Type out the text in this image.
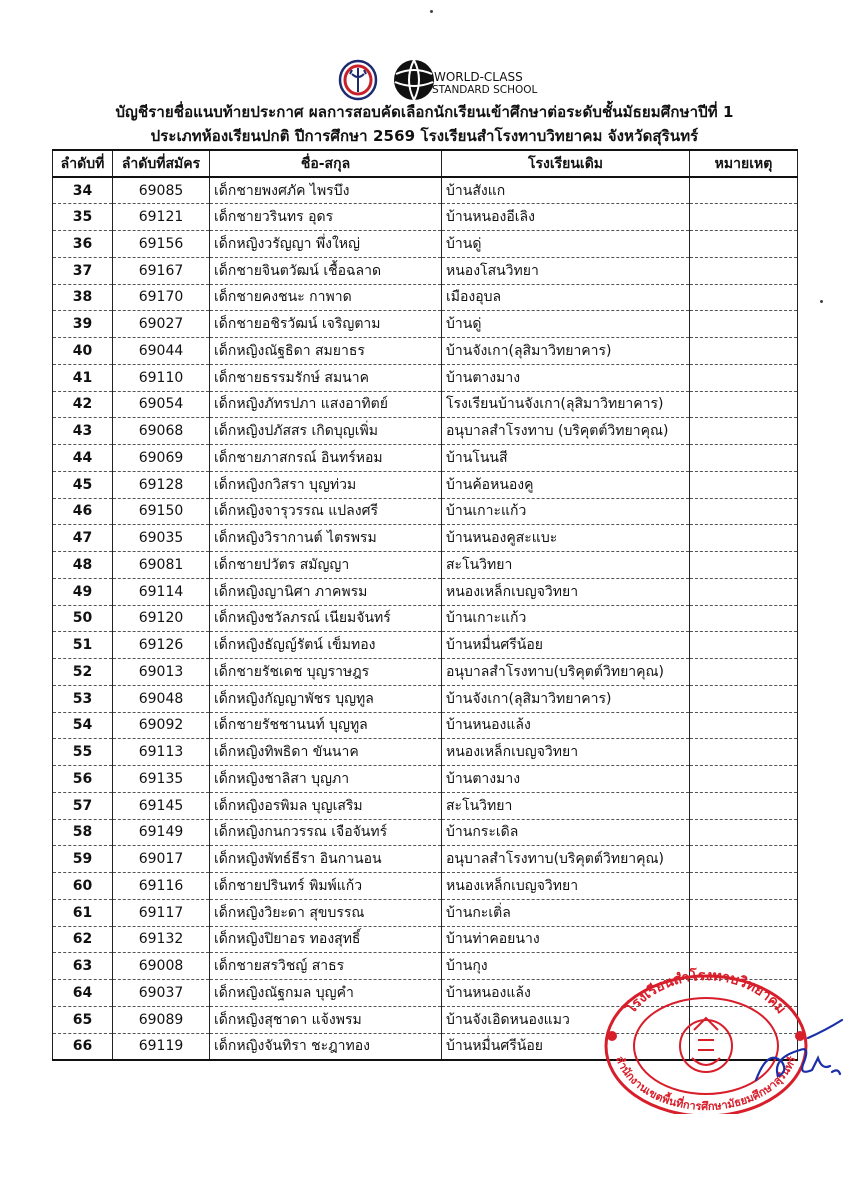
WORLD-CLASS
STANDARD SCHOOL
บัญชีรายชื่อแนบท้ายประกาศ ผลการสอบคัดเลือกนักเรียนเข้าศึกษาต่อระดับชั้นมัธยมศึกษาปีที่ 1
ประเภทห้องเรียนปกติ ปีการศึกษา 2569 โรงเรียนสำโรงทาบวิทยาคม จังหวัดสุรินทร์
ลำดับที่	ลำดับที่สมัคร	ชื่อ-สกุล	โรงเรียนเดิม	หมายเหตุ
34	69085	เด็กชายพงศภัค ไพรบึง	บ้านสังแก	
35	69121	เด็กชายวรินทร อุดร	บ้านหนองอีเลิง	
36	69156	เด็กหญิงวรัญญา พึ่งใหญ่	บ้านดู่	
37	69167	เด็กชายจินตวัฒน์ เชื้อฉลาด	หนองโสนวิทยา	
38	69170	เด็กชายคงชนะ กาพาด	เมืองอุบล	
39	69027	เด็กชายอชิรวัฒน์ เจริญตาม	บ้านดู่	
40	69044	เด็กหญิงณัฐธิดา สมยาธร	บ้านจังเกา(ลุสิมาวิทยาคาร)	
41	69110	เด็กชายธรรมรักษ์ สมนาค	บ้านตางมาง	
42	69054	เด็กหญิงภัทรปภา แสงอาทิตย์	โรงเรียนบ้านจังเกา(ลุสิมาวิทยาคาร)	
43	69068	เด็กหญิงปภัสสร เกิดบุญเพิ่ม	อนุบาลสำโรงทาบ (บริคุตต์วิทยาคุณ)	
44	69069	เด็กชายภาสกรณ์ อินทร์หอม	บ้านโนนสี	
45	69128	เด็กหญิงกวิสรา บุญท่วม	บ้านค้อหนองคู	
46	69150	เด็กหญิงจารุวรรณ แปลงศรี	บ้านเกาะแก้ว	
47	69035	เด็กหญิงวิรากานต์ ไตรพรม	บ้านหนองคูสะแบะ	
48	69081	เด็กชายปวัตร สมัญญา	สะโนวิทยา	
49	69114	เด็กหญิงญานิศา ภาคพรม	หนองเหล็กเบญจวิทยา	
50	69120	เด็กหญิงชวัลภรณ์ เนียมจันทร์	บ้านเกาะแก้ว	
51	69126	เด็กหญิงธัญญ์รัตน์ เข็มทอง	บ้านหมื่นศรีน้อย	
52	69013	เด็กชายรัชเดช บุญราษฎร	อนุบาลสำโรงทาบ(บริคุตต์วิทยาคุณ)	
53	69048	เด็กหญิงกัญญาพัชร บุญทูล	บ้านจังเกา(ลุสิมาวิทยาคาร)	
54	69092	เด็กชายรัชชานนท์ บุญทูล	บ้านหนองแล้ง	
55	69113	เด็กหญิงทิพธิดา ขันนาค	หนองเหล็กเบญจวิทยา	
56	69135	เด็กหญิงชาลิสา บุญภา	บ้านตางมาง	
57	69145	เด็กหญิงอรพิมล บุญเสริม	สะโนวิทยา	
58	69149	เด็กหญิงกนกวรรณ เจือจันทร์	บ้านกระเดิล	
59	69017	เด็กหญิงพัทธ์ธีรา อินกานอน	อนุบาลสำโรงทาบ(บริคุตต์วิทยาคุณ)	
60	69116	เด็กชายปรินทร์ พิมพ์แก้ว	หนองเหล็กเบญจวิทยา	
61	69117	เด็กหญิงวิยะดา สุขบรรณ	บ้านกะเติ่ล	
62	69132	เด็กหญิงปิยาอร ทองสุทธิ์	บ้านท่าคอยนาง	
63	69008	เด็กชายสรวิชญ์ สาธร	บ้านกุง	
64	69037	เด็กหญิงณัฐกมล บุญคำ	บ้านหนองแล้ง	
65	69089	เด็กหญิงสุชาดา แจ้งพรม	บ้านจังเอิดหนองแมว	
66	69119	เด็กหญิงจันทิรา ชะฎาทอง	บ้านหมื่นศรีน้อย	
โรงเรียนสำโรงทาบวิทยาคม
สำนักงานเขตพื้นที่การศึกษามัธยมศึกษาสุรินทร์
